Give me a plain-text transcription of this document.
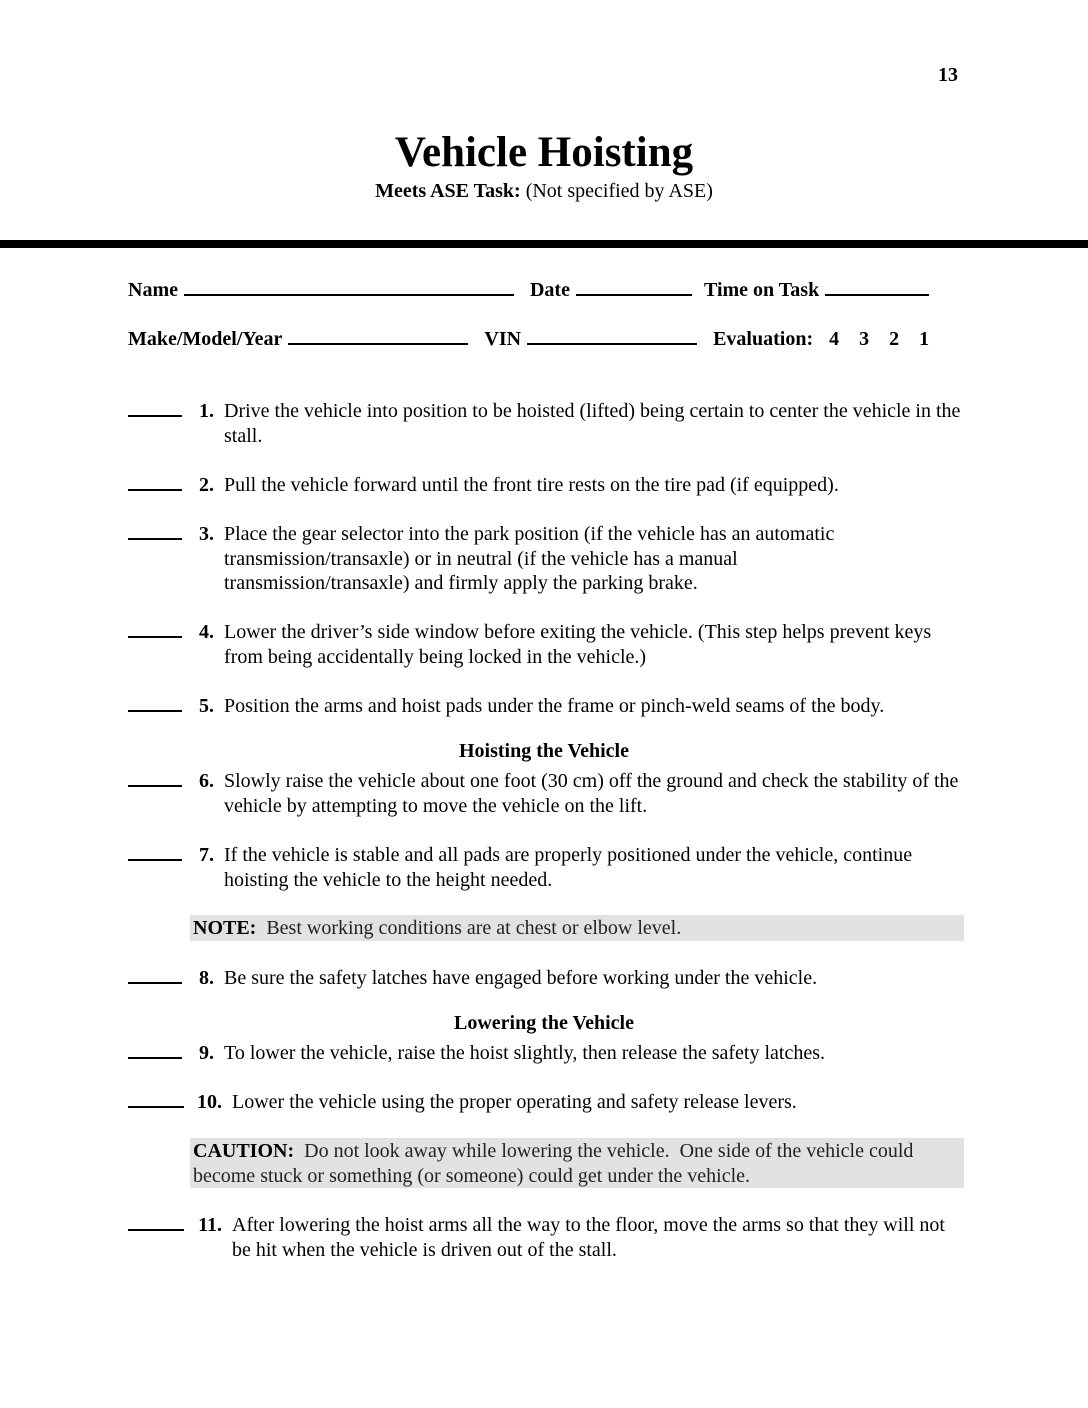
13
Vehicle Hoisting
Meets ASE Task: (Not specified by ASE)
Name	Date	Time on Task
Make/Model/Year	VIN	Evaluation: 4 3 2 1
1. Drive the vehicle into position to be hoisted (lifted) being certain to center the vehicle in the stall.
2. Pull the vehicle forward until the front tire rests on the tire pad (if equipped).
3. Place the gear selector into the park position (if the vehicle has an automatic transmission/transaxle) or in neutral (if the vehicle has a manual transmission/transaxle) and firmly apply the parking brake.
4. Lower the driver’s side window before exiting the vehicle. (This step helps prevent keys from being accidentally being locked in the vehicle.)
5. Position the arms and hoist pads under the frame or pinch-weld seams of the body.
Hoisting the Vehicle
6. Slowly raise the vehicle about one foot (30 cm) off the ground and check the stability of the vehicle by attempting to move the vehicle on the lift.
7. If the vehicle is stable and all pads are properly positioned under the vehicle, continue hoisting the vehicle to the height needed.
NOTE:  Best working conditions are at chest or elbow level.
8. Be sure the safety latches have engaged before working under the vehicle.
Lowering the Vehicle
9. To lower the vehicle, raise the hoist slightly, then release the safety latches.
10. Lower the vehicle using the proper operating and safety release levers.
CAUTION:  Do not look away while lowering the vehicle.  One side of the vehicle could become stuck or something (or someone) could get under the vehicle.
11. After lowering the hoist arms all the way to the floor, move the arms so that they will not be hit when the vehicle is driven out of the stall.
